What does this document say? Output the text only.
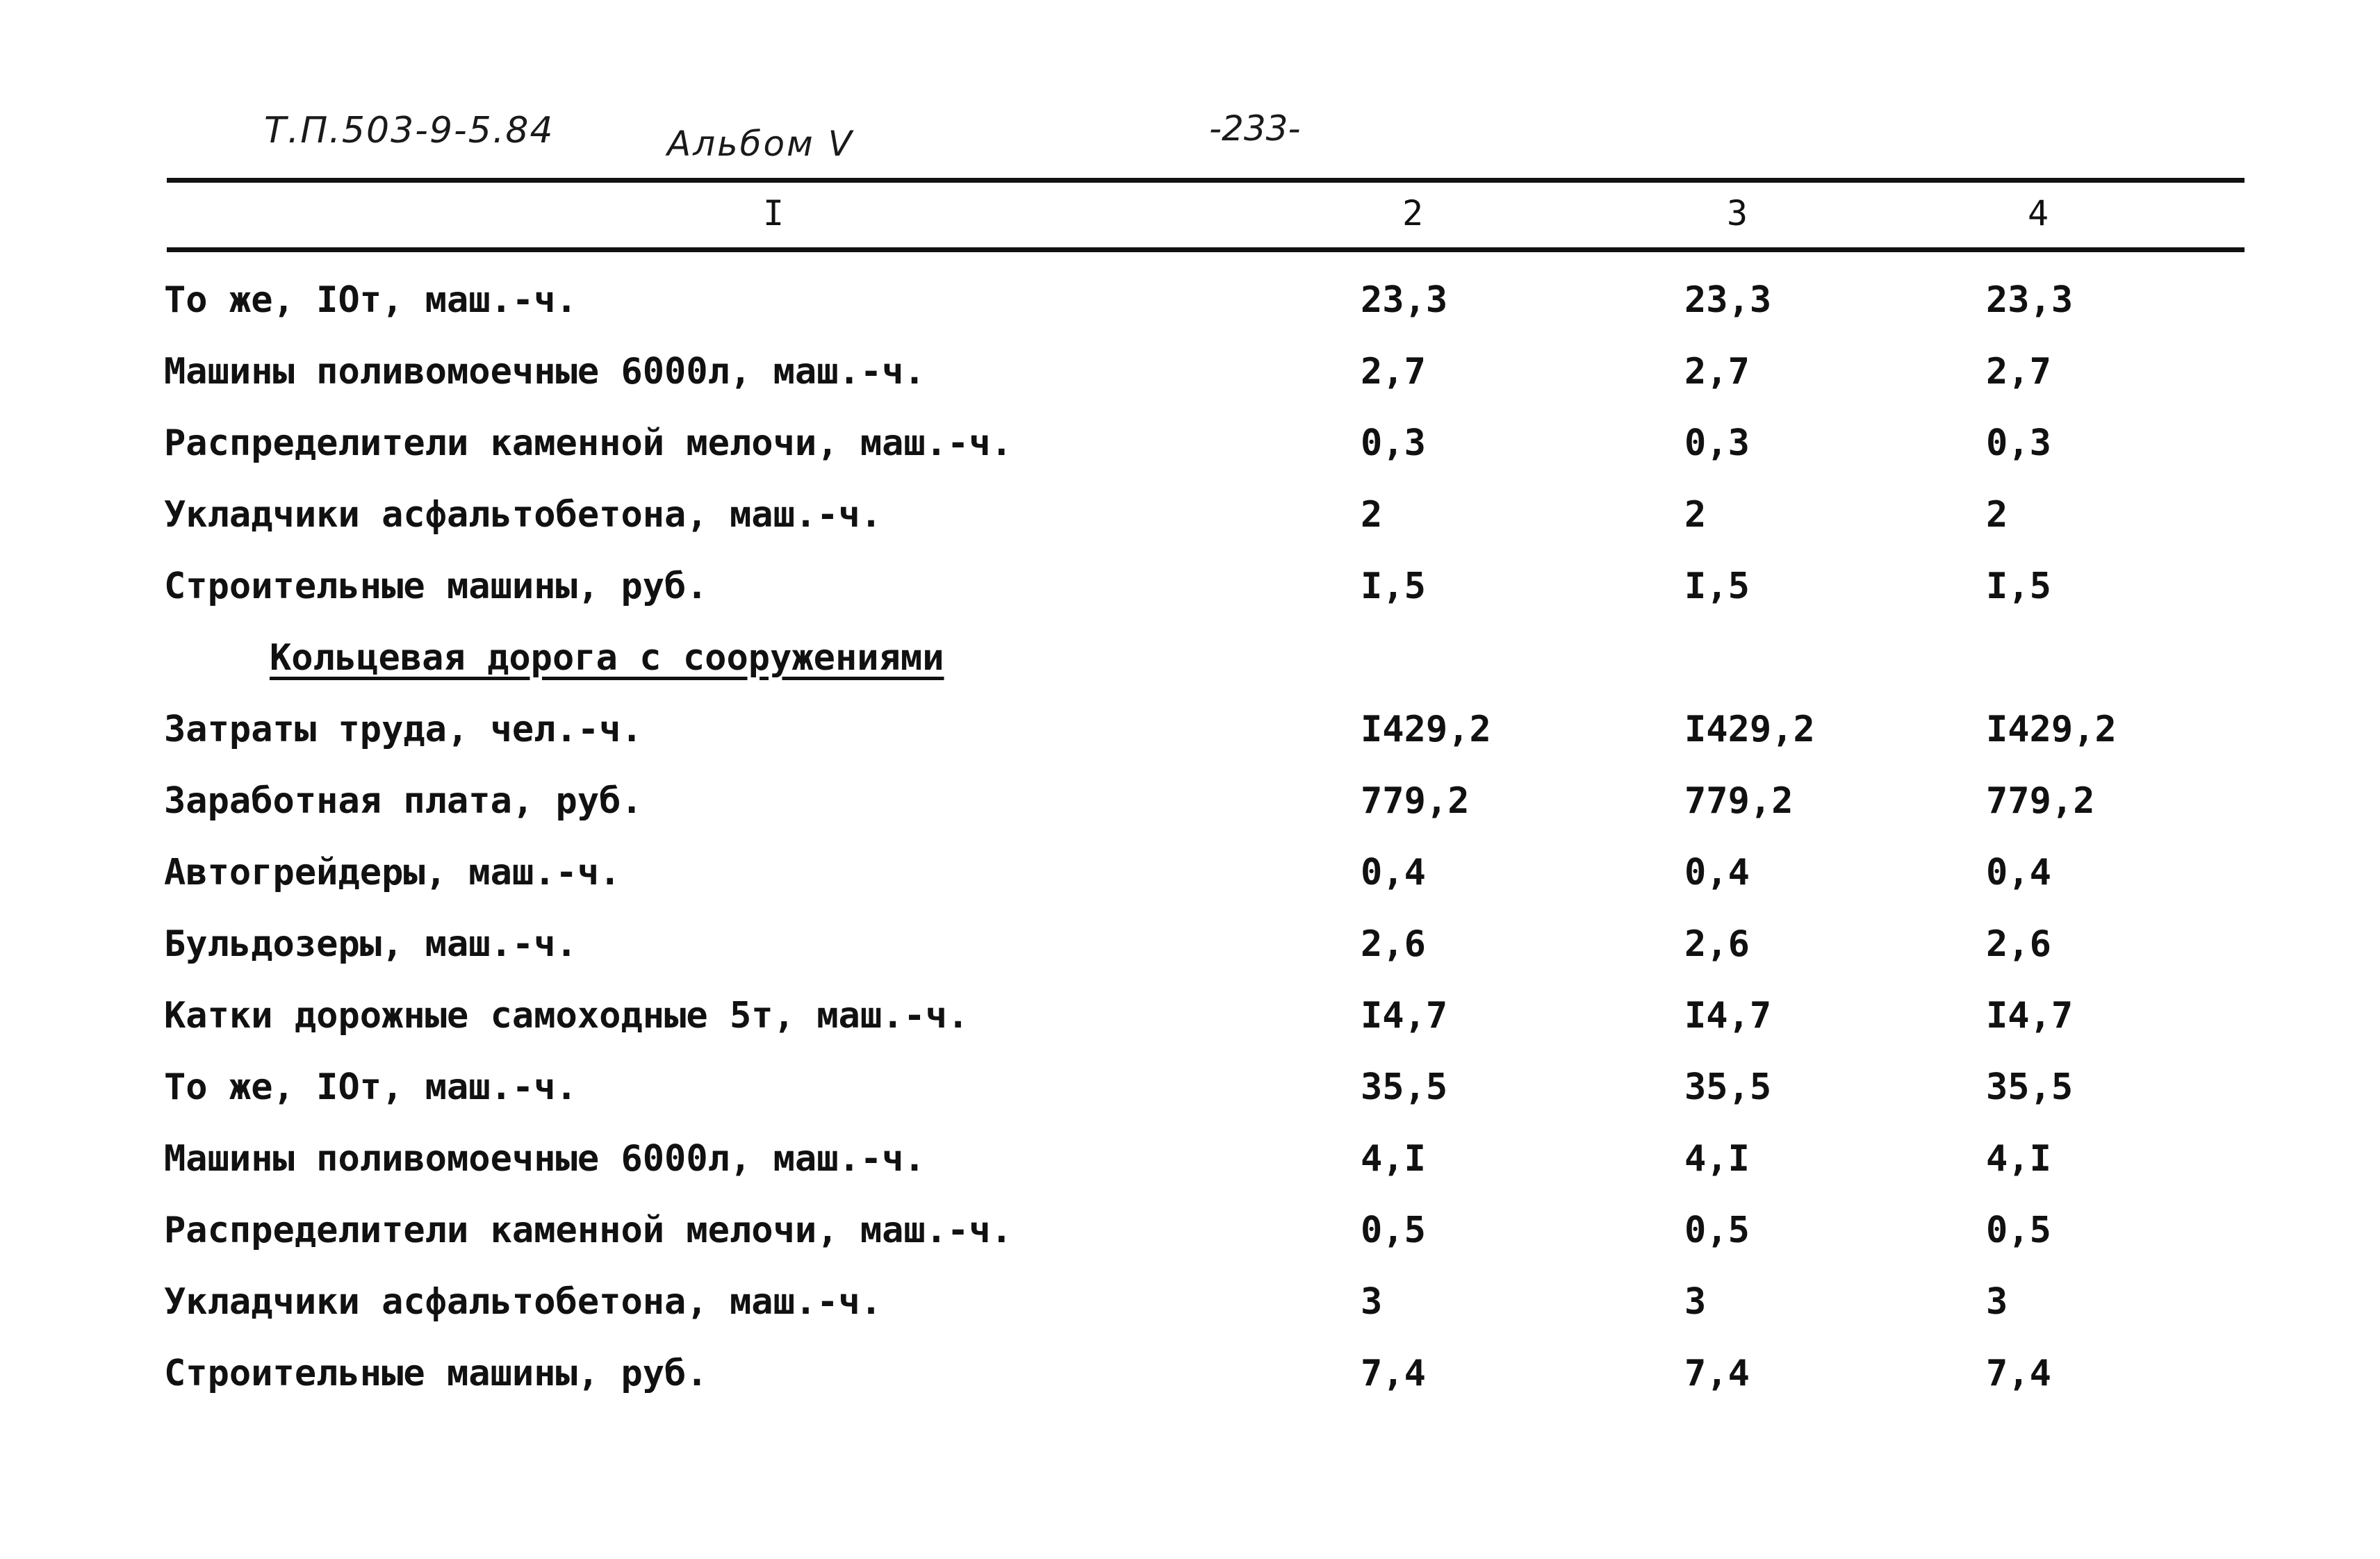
Т.П.503-9-5.84	Альбом V	-233-
I	2	3	4
То же, IOт, маш.-ч.	23,3	23,3	23,3
Машины поливомоечные 6000л, маш.-ч.	2,7	2,7	2,7
Распределители каменной мелочи, маш.-ч.	0,3	0,3	0,3
Укладчики асфальтобетона, маш.-ч.	2	2	2
Строительные машины, руб.	I,5	I,5	I,5
Кольцевая дорога с сооружениями
Затраты труда, чел.-ч.	I429,2	I429,2	I429,2
Заработная плата, руб.	779,2	779,2	779,2
Автогрейдеры, маш.-ч.	0,4	0,4	0,4
Бульдозеры, маш.-ч.	2,6	2,6	2,6
Катки дорожные самоходные 5т, маш.-ч.	I4,7	I4,7	I4,7
То же, IOт, маш.-ч.	35,5	35,5	35,5
Машины поливомоечные 6000л, маш.-ч.	4,I	4,I	4,I
Распределители каменной мелочи, маш.-ч.	0,5	0,5	0,5
Укладчики асфальтобетона, маш.-ч.	3	3	3
Строительные машины, руб.	7,4	7,4	7,4
